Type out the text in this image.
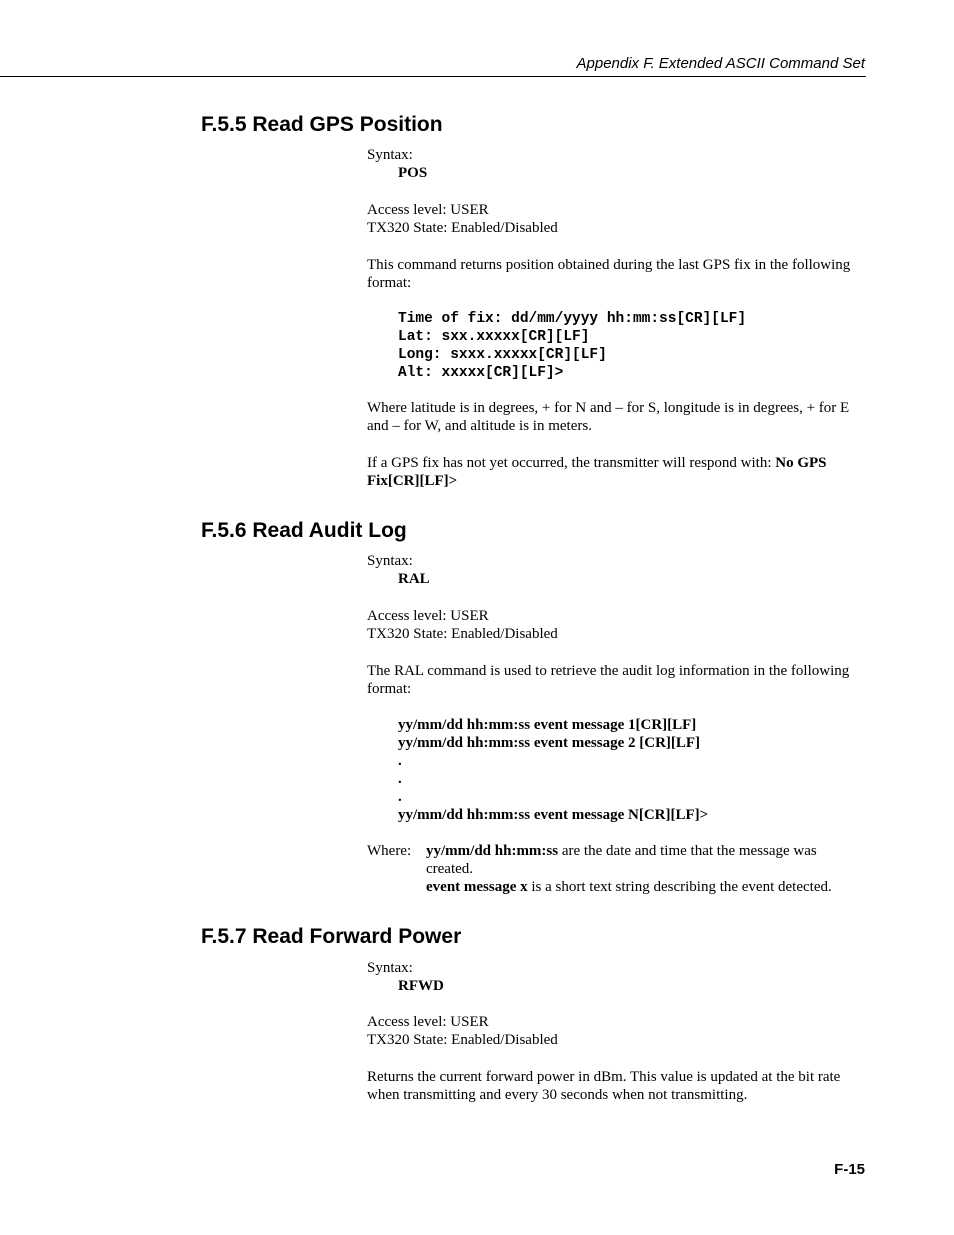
Appendix F. Extended ASCII Command Set
F.5.5 Read GPS Position
Syntax:
POS
Access level: USER
TX320 State: Enabled/Disabled
This command returns position obtained during the last GPS fix in the following format:
Time of fix: dd/mm/yyyy hh:mm:ss[CR][LF]
Lat: sxx.xxxxx[CR][LF]
Long: sxxx.xxxxx[CR][LF]
Alt: xxxxx[CR][LF]>
Where latitude is in degrees, + for N and – for S, longitude is in degrees, + for E and – for W, and altitude is in meters.
If a GPS fix has not yet occurred, the transmitter will respond with: No GPS Fix[CR][LF]>
F.5.6 Read Audit Log
Syntax:
RAL
Access level: USER
TX320 State: Enabled/Disabled
The RAL command is used to retrieve the audit log information in the following format:
yy/mm/dd hh:mm:ss event message 1[CR][LF]
yy/mm/dd hh:mm:ss event message 2 [CR][LF]
.
.
.
yy/mm/dd hh:mm:ss event message N[CR][LF]>
Where: yy/mm/dd hh:mm:ss are the date and time that the message was created.
event message x is a short text string describing the event detected.
F.5.7 Read Forward Power
Syntax:
RFWD
Access level: USER
TX320 State: Enabled/Disabled
Returns the current forward power in dBm. This value is updated at the bit rate when transmitting and every 30 seconds when not transmitting.
F-15
